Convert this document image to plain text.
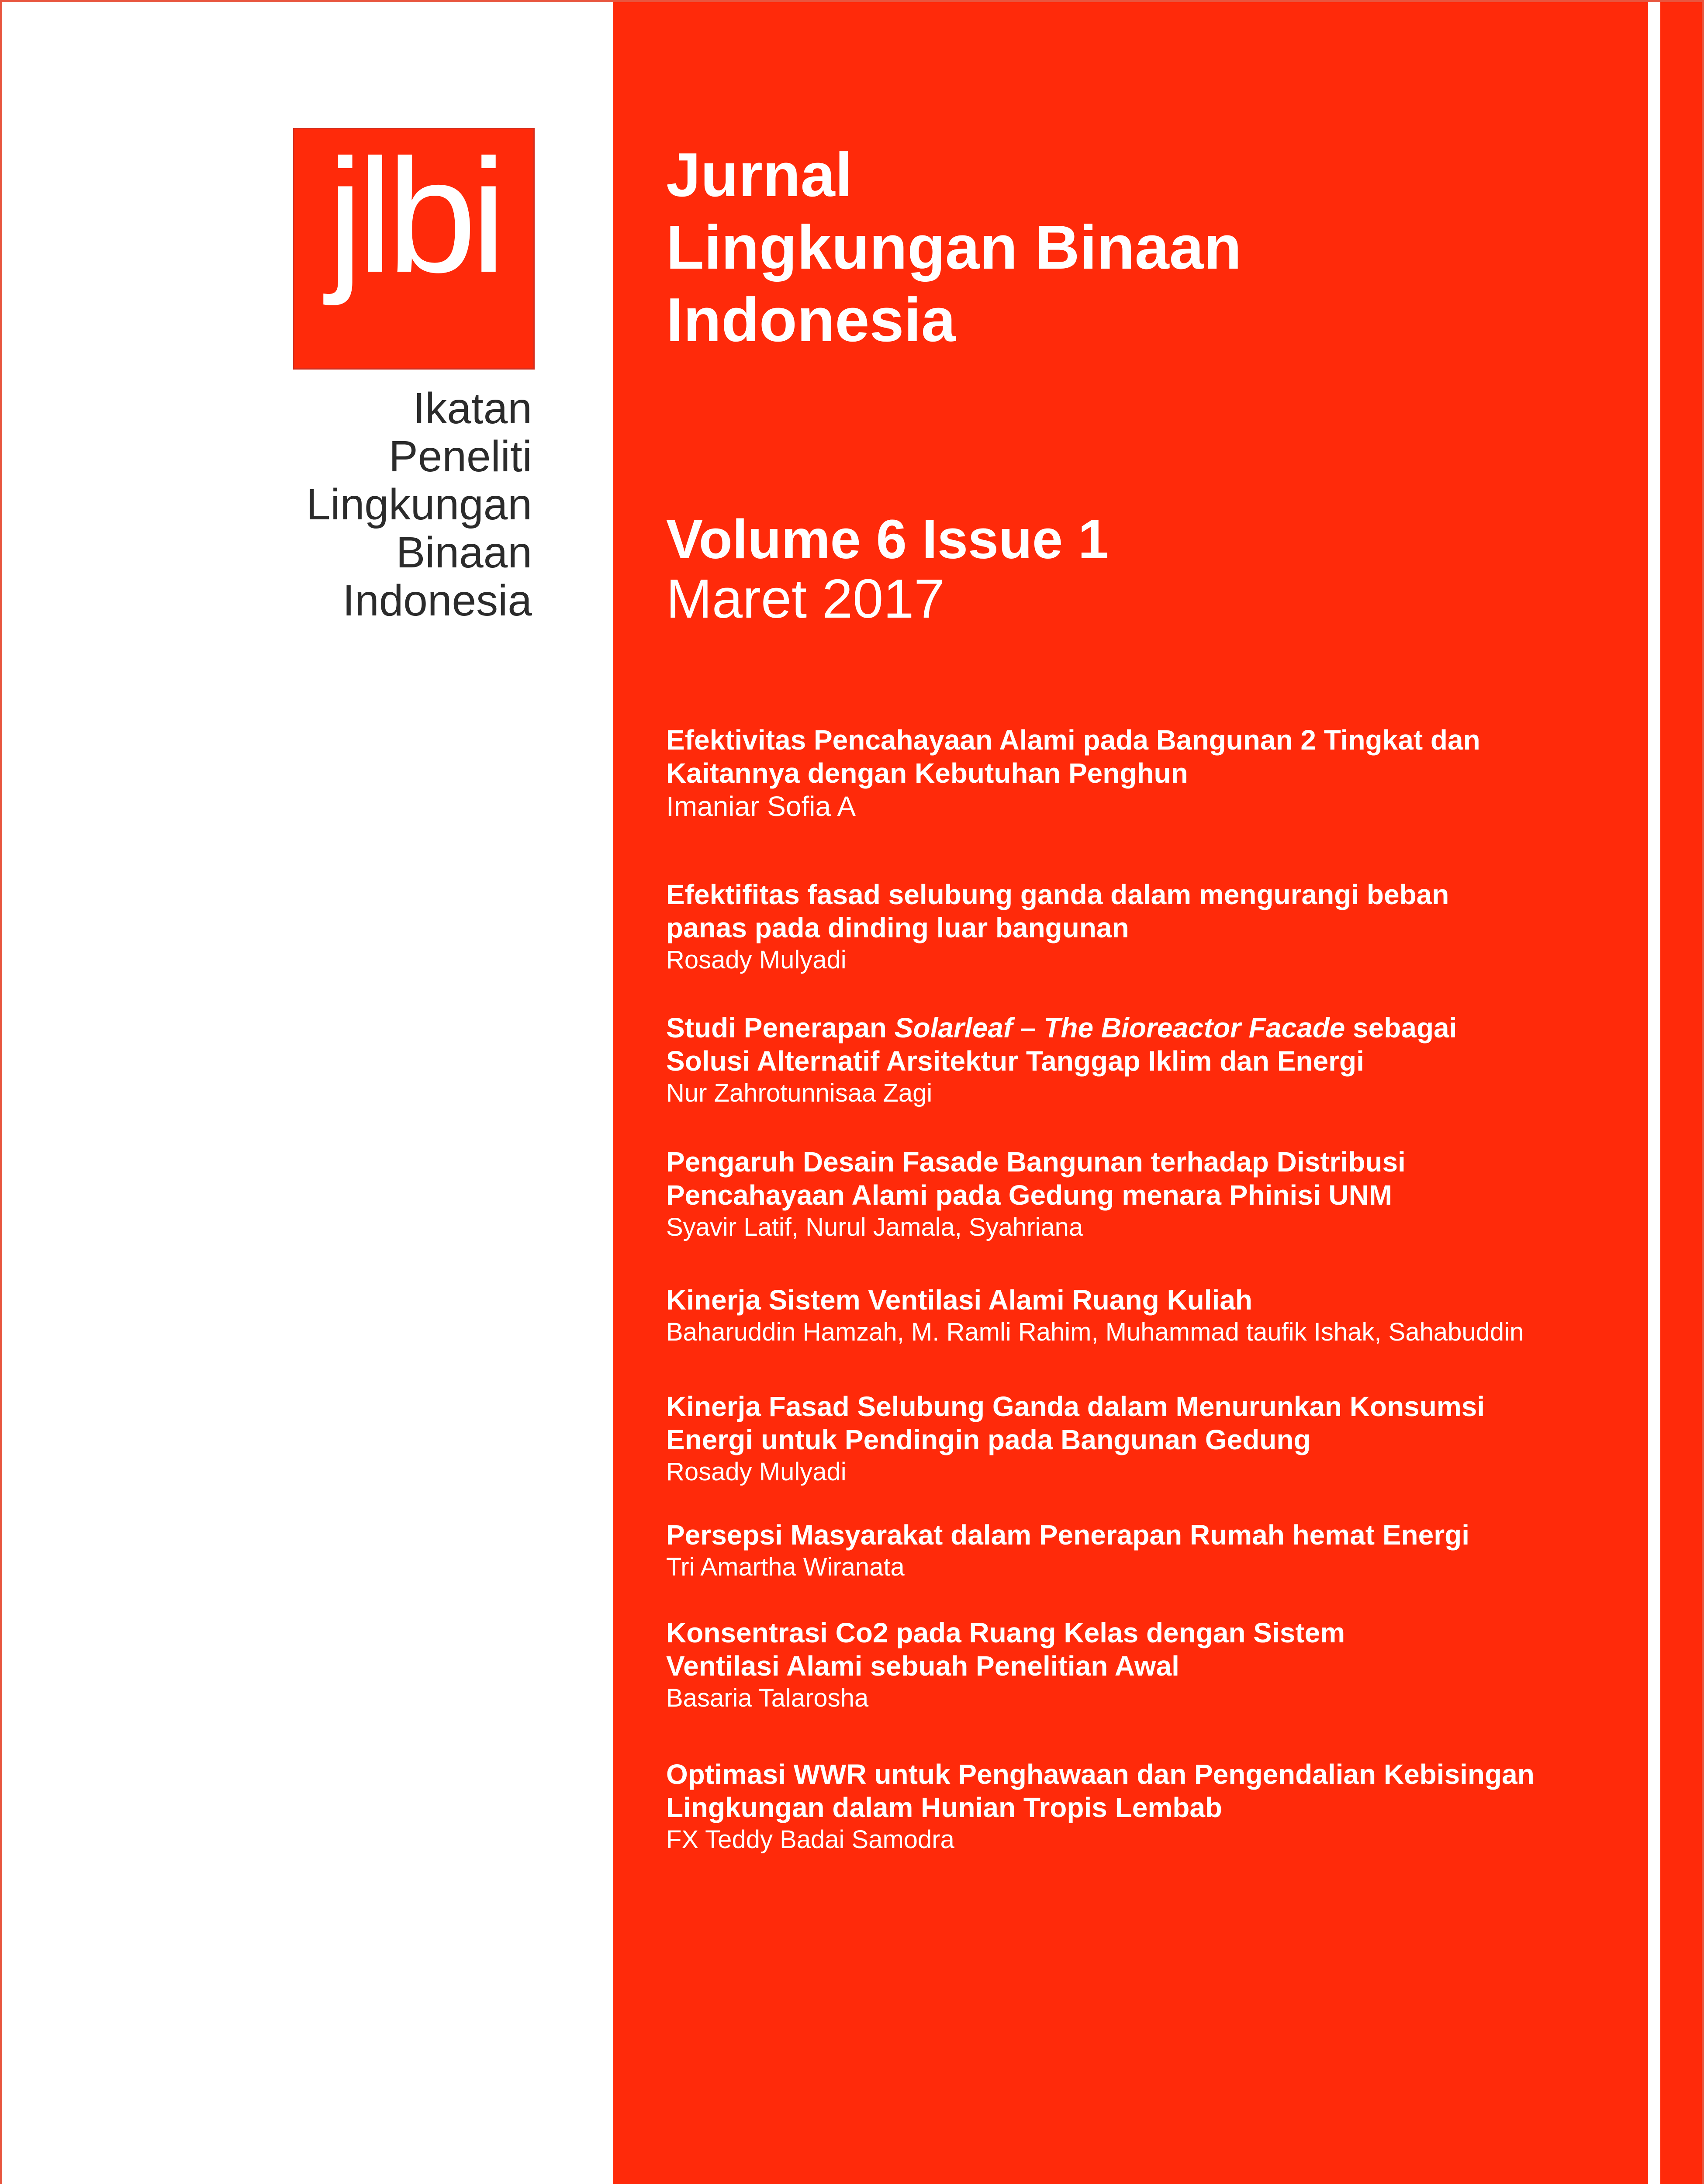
jlbi
Ikatan
Peneliti
Lingkungan
Binaan
Indonesia
Jurnal
Lingkungan Binaan
Indonesia
Volume 6 Issue 1
Maret 2017
Efektivitas Pencahayaan Alami pada Bangunan 2 Tingkat dan
Kaitannya dengan Kebutuhan Penghun
Imaniar Sofia A
Efektifitas fasad selubung ganda dalam mengurangi beban
panas pada dinding luar bangunan
Rosady Mulyadi
Studi Penerapan Solarleaf – The Bioreactor Facade sebagai
Solusi Alternatif Arsitektur Tanggap Iklim dan Energi
Nur Zahrotunnisaa Zagi
Pengaruh Desain Fasade Bangunan terhadap Distribusi
Pencahayaan Alami pada Gedung menara Phinisi UNM
Syavir Latif, Nurul Jamala, Syahriana
Kinerja Sistem Ventilasi Alami Ruang Kuliah
Baharuddin Hamzah, M. Ramli Rahim, Muhammad taufik Ishak, Sahabuddin
Kinerja Fasad Selubung Ganda dalam Menurunkan Konsumsi
Energi untuk Pendingin pada Bangunan Gedung
Rosady Mulyadi
Persepsi Masyarakat dalam Penerapan Rumah hemat Energi
Tri Amartha Wiranata
Konsentrasi Co2 pada Ruang Kelas dengan Sistem
Ventilasi Alami sebuah Penelitian Awal
Basaria Talarosha
Optimasi WWR untuk Penghawaan dan Pengendalian Kebisingan
Lingkungan dalam Hunian Tropis Lembab
FX Teddy Badai Samodra
